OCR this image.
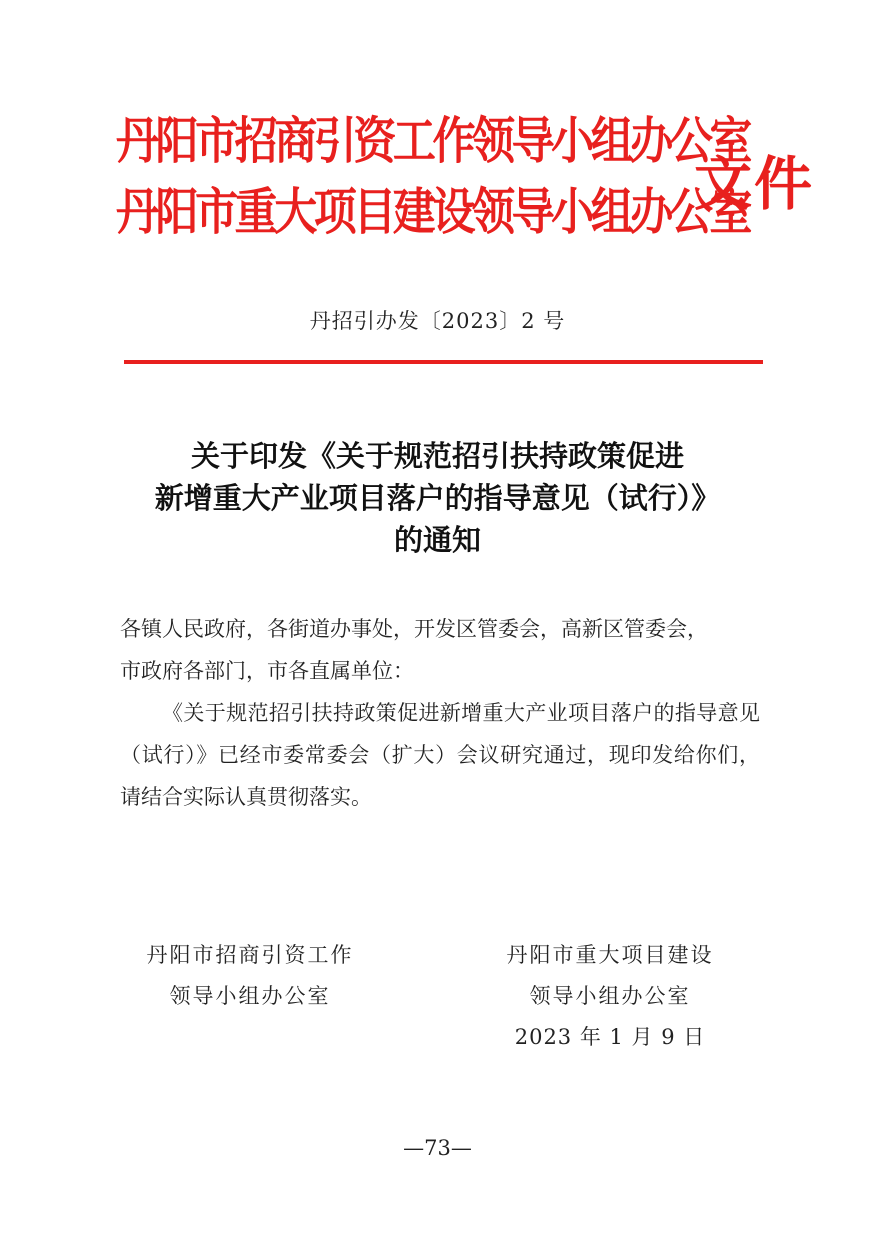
丹阳市招商引资工作领导小组办公室
丹阳市重大项目建设领导小组办公室
文件
丹招引办发〔2023〕2 号
关于印发《关于规范招引扶持政策促进
新增重大产业项目落户的指导意见（试行）》
的通知

各镇人民政府，各街道办事处，开发区管委会，高新区管委会，

市政府各部门，市各直属单位：

《关于规范招引扶持政策促进新增重大产业项目落户的指导意见（试行）》已经市委常委会（扩大）会议研究通过，现印发给你们，请结合实际认真贯彻落实。

丹阳市招商引资工作
领导小组办公室
丹阳市重大项目建设
领导小组办公室
2023 年 1 月 9 日
—73—
